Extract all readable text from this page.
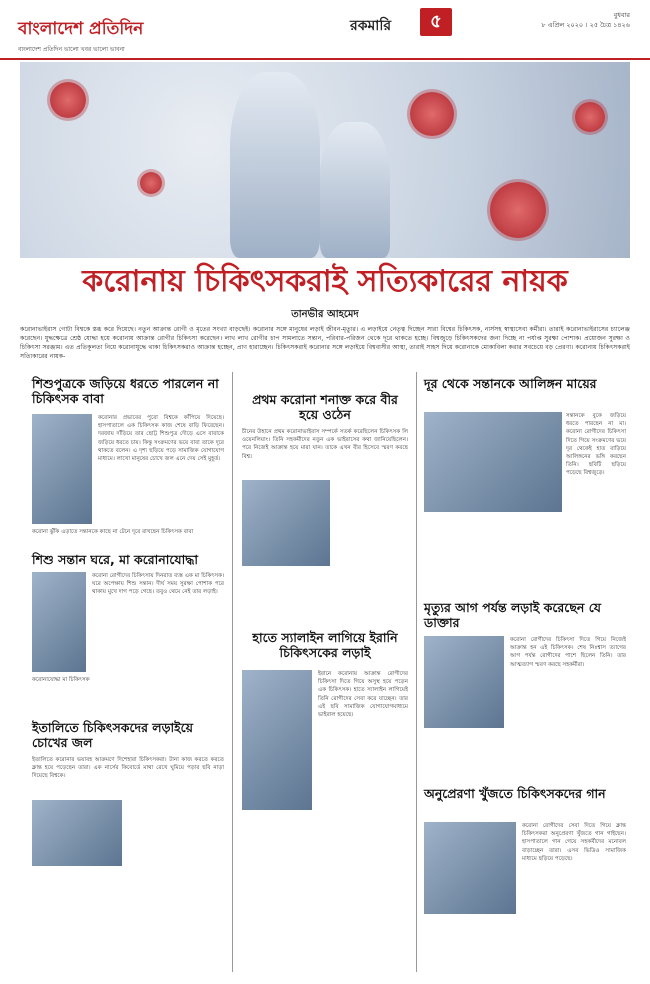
বাংলাদেশ প্রতিদিন
বাংলাদেশ প্রতিদিন ভালো খবর ভালো ভাবনা
রকমারি	৫	বুধবার
৮ এপ্রিল ২০২০ । ২৫ চৈত্র ১৪২৬
করোনায় চিকিৎসকরাই সত্যিকারের নায়ক
তানভীর আহমেদ
করোনাভাইরাস গোটা বিশ্বকে স্তব্ধ করে দিয়েছে। নতুন আক্রান্ত রোগী ও মৃতের সংখ্যা বাড়ছেই। করোনার সঙ্গে মানুষের লড়াই জীবন-মৃত্যুর। এ লড়াইয়ে নেতৃত্ব দিচ্ছেন সারা বিশ্বের চিকিৎসক, নার্সসহ স্বাস্থ্যসেবা কর্মীরা। তারাই করোনাভাইরাসের চ্যালেঞ্জ করেছেন। যুদ্ধক্ষেত্রে শ্রেষ্ঠ যোদ্ধা হয়ে করোনায় আক্রান্ত রোগীর চিকিৎসা করেছেন। লাখ লাখ রোগীর চাপ সামলাতে সন্তান, পরিবার-পরিজন থেকে দূরে থাকতে হচ্ছে। বিশ্বজুড়ে চিকিৎসকদের জন্য দিচ্ছে না পর্যাপ্ত সুরক্ষা পোশাক। প্রয়োজন সুরক্ষা ও চিকিৎসা সরঞ্জাম। এত প্রতিকূলতা নিয়ে করোনাযুদ্ধে থাকা চিকিৎসকরাও আক্রান্ত হচ্ছেন, প্রাণ হারাচ্ছেন। চিকিৎসকরাই করোনার সঙ্গে লড়াইয়ে বিশ্ববাসীর আস্থা, তারাই সাহস দিয়ে করোনাকে মোকাবিলা করার সবচেয়ে বড় প্রেরণা। করোনায় চিকিৎসকরাই সত্যিকারের নায়ক-
শিশুপুত্রকে জড়িয়ে ধরতে পারলেন না চিকিৎসক বাবা
করোনার প্রভাবের পুরো বিশ্বকে কাঁপিয়ে দিয়েছে। হাসপাতালে এক চিকিৎসক কাজ শেষে বাড়ি ফিরেছেন। দরজায় দাঁড়িয়ে তার ছোট্ট শিশুপুত্র দৌড়ে এসে বাবাকে জড়িয়ে ধরতে চায়। কিন্তু সংক্রমণের ভয়ে বাবা তাকে দূরে থাকতে বলেন। এ দৃশ্য ছড়িয়ে পড়ে সামাজিক যোগাযোগ মাধ্যমে। লাখো মানুষের চোখে জল এনে দেয় সেই মুহূর্ত।
করোনা ঝুঁকি এড়াতে সন্তানকে কাছে না টেনে দূরে রাখছেন চিকিৎসক বাবা
শিশু সন্তান ঘরে, মা করোনাযোদ্ধা
করোনা রোগীদের চিকিৎসায় দিনরাত ব্যস্ত এক মা চিকিৎসক। ঘরে অপেক্ষায় শিশু সন্তান। দীর্ঘ সময় সুরক্ষা পোশাক পরে থাকায় মুখে দাগ পড়ে গেছে। তবুও থেমে নেই তার লড়াই।
করোনাযোদ্ধা মা চিকিৎসক
ইতালিতে চিকিৎসকদের লড়াইয়ে চোখের জল
ইতালিতে করোনার ভয়াবহ আক্রমণে দিশেহারা চিকিৎসকরা। টানা কাজ করতে করতে ক্লান্ত হয়ে পড়েছেন তারা। এক নার্সের কিবোর্ডে মাথা রেখে ঘুমিয়ে পড়ার ছবি নাড়া দিয়েছে বিশ্বকে।
প্রথম করোনা শনাক্ত করে বীর হয়ে ওঠেন
চীনের উহানে প্রথম করোনাভাইরাস সম্পর্কে সতর্ক করেছিলেন চিকিৎসক লি ওয়েনলিয়াং। তিনি সহকর্মীদের নতুন এক ভাইরাসের কথা জানিয়েছিলেন। পরে নিজেই আক্রান্ত হয়ে মারা যান। তাকে এখন বীর হিসেবে স্মরণ করছে বিশ্ব।
হাতে স্যালাইন লাগিয়ে ইরানি চিকিৎসকের লড়াই
ইরানে করোনায় আক্রান্ত রোগীদের চিকিৎসা দিতে গিয়ে অসুস্থ হয়ে পড়েন এক চিকিৎসক। হাতে স্যালাইন লাগিয়েই তিনি রোগীদের সেবা করে যাচ্ছেন। তার এই ছবি সামাজিক যোগাযোগমাধ্যমে ভাইরাল হয়েছে।
দূর থেকে সন্তানকে আলিঙ্গন মায়ের
সন্তানকে বুকে জড়িয়ে ধরতে পারছেন না মা। করোনা রোগীদের চিকিৎসা দিতে গিয়ে সংক্রমণের ভয়ে দূর থেকেই হাত বাড়িয়ে আলিঙ্গনের ভঙ্গি করছেন তিনি। ছবিটি ছড়িয়ে পড়েছে বিশ্বজুড়ে।
মৃত্যুর আগ পর্যন্ত লড়াই করেছেন যে ডাক্তার
করোনা রোগীদের চিকিৎসা দিতে গিয়ে নিজেই আক্রান্ত হন এই চিকিৎসক। শেষ নিঃশ্বাস ত্যাগের আগ পর্যন্ত রোগীদের পাশে ছিলেন তিনি। তার আত্মত্যাগ স্মরণ করছে সহকর্মীরা।
অনুপ্রেরণা খুঁজতে চিকিৎসকদের গান
করোনা রোগীদের সেবা দিতে গিয়ে ক্লান্ত চিকিৎসকরা অনুপ্রেরণা খুঁজতে গান গাইছেন। হাসপাতালে গান গেয়ে সহকর্মীদের মনোবল বাড়াচ্ছেন তারা। এসব ভিডিও সামাজিক মাধ্যমে ছড়িয়ে পড়েছে।
